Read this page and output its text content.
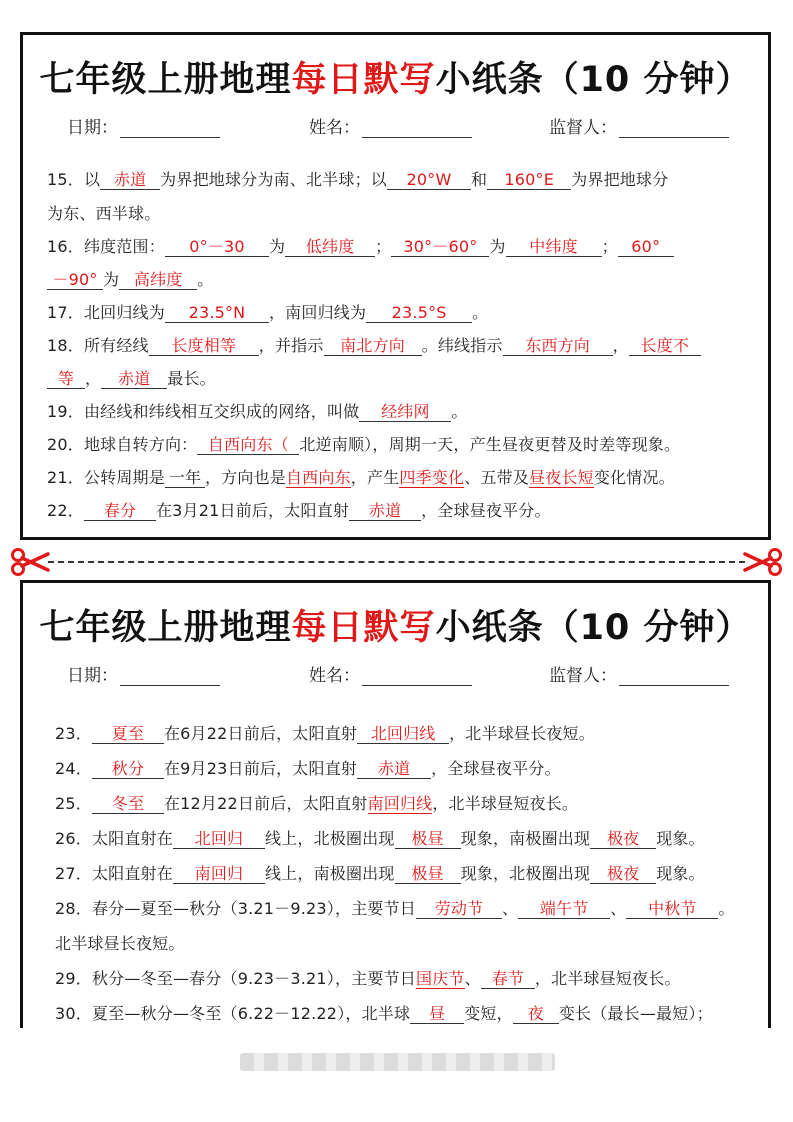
七年级上册地理每日默写小纸条（10 分钟）
日期：	姓名：	监督人：
15．以 赤道 为界把地球分为南、北半球；以 20°W 和 160°E 为界把地球分
为东、西半球。
16．纬度范围： 0°－30 为 低纬度 ； 30°－60° 为 中纬度 ； 60°
－90° 为 高纬度 。
17．北回归线为 23.5°N ，南回归线为 23.5°S 。
18．所有经线 长度相等 ，并指示 南北方向 。纬线指示 东西方向 ， 长度不
等 ， 赤道 最长。
19．由经线和纬线相互交织成的网络，叫做 经纬网 。
20．地球自转方向： 自西向东（ 北逆南顺），周期一天，产生昼夜更替及时差等现象。
21．公转周期是 一年 ，方向也是自西向东，产生四季变化、五带及昼夜长短变化情况。
22． 春分 在3月21日前后，太阳直射 赤道 ，全球昼夜平分。
七年级上册地理每日默写小纸条（10 分钟）
日期：	姓名：	监督人：
23． 夏至 在6月22日前后，太阳直射 北回归线 ，北半球昼长夜短。
24． 秋分 在9月23日前后，太阳直射 赤道 ，全球昼夜平分。
25． 冬至 在12月22日前后，太阳直射南回归线，北半球昼短夜长。
26．太阳直射在 北回归 线上，北极圈出现 极昼 现象，南极圈出现 极夜 现象。
27．太阳直射在 南回归 线上，南极圈出现 极昼 现象，北极圈出现 极夜 现象。
28．春分—夏至—秋分（3.21－9.23），主要节日 劳动节 、 端午节 、 中秋节 。
北半球昼长夜短。
29．秋分—冬至—春分（9.23－3.21），主要节日国庆节、 春节 ，北半球昼短夜长。
30．夏至—秋分—冬至（6.22－12.22），北半球 昼 变短， 夜 变长（最长—最短）；
